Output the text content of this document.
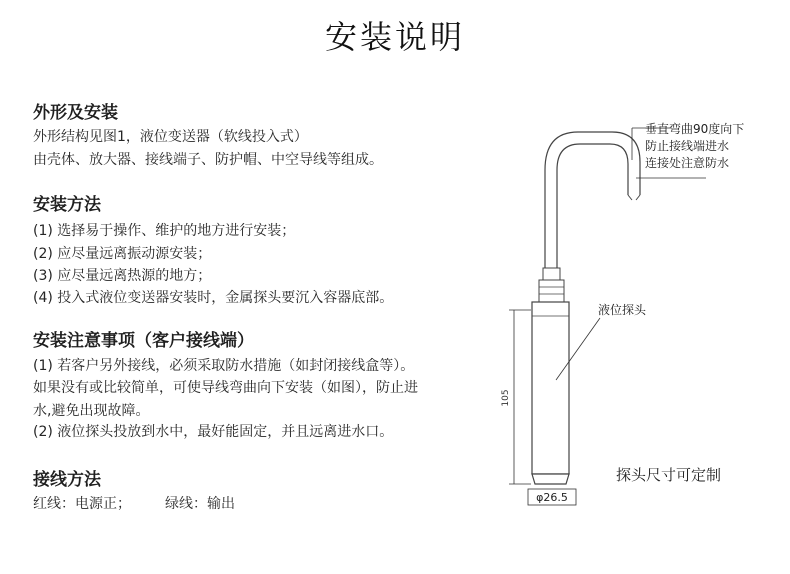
安装说明
外形及安装
外形结构见图1，液位变送器（软线投入式）
由壳体、放大器、接线端子、防护帽、中空导线等组成。
安装方法
(1) 选择易于操作、维护的地方进行安装；
(2) 应尽量远离振动源安装；
(3) 应尽量远离热源的地方；
(4) 投入式液位变送器安装时，金属探头要沉入容器底部。
安装注意事项（客户接线端）
(1) 若客户另外接线，必须采取防水措施（如封闭接线盒等）。
如果没有或比较简单，可使导线弯曲向下安装（如图），防止进
水,避免出现故障。
(2) 液位探头投放到水中，最好能固定，并且远离进水口。
接线方法
红线：电源正； 绿线：输出
105
φ26.5
垂直弯曲90度向下
防止接线端进水
连接处注意防水
液位探头
探头尺寸可定制
